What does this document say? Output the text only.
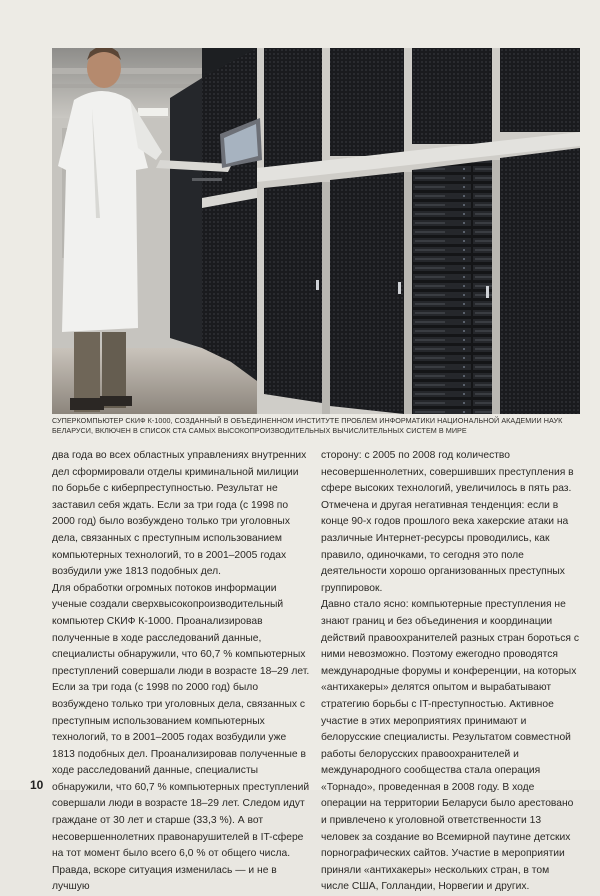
СУПЕРКОМПЬЮТЕР СКИФ К-1000, СОЗДАННЫЙ В ОБЪЕДИНЕННОМ ИНСТИТУТЕ ПРОБЛЕМ ИНФОРМАТИКИ НАЦИОНАЛЬНОЙ АКАДЕМИИ НАУК БЕЛАРУСИ, ВКЛЮЧЕН В СПИСОК СТА САМЫХ ВЫСОКОПРОИЗВОДИТЕЛЬНЫХ ВЫЧИСЛИТЕЛЬНЫХ СИСТЕМ В МИРЕ

два года во всех областных управлениях внутренних дел сформировали отделы криминальной милиции по борьбе с киберпреступностью. Результат не заставил себя ждать. Если за три года (с 1998 по 2000 год) было возбуждено только три уголовных дела, связанных с преступным использованием компьютерных технологий, то в 2001–2005 годах возбудили уже 1813 подобных дел.

Для обработки огромных потоков информации ученые создали сверхвысокопроизводительный компьютер СКИФ К-1000. Проанализировав полученные в ходе расследований данные, специалисты обнаружили, что 60,7 % компьютерных преступлений совершали люди в возрасте 18–29 лет. Если за три года (с 1998 по 2000 год) было возбуждено только три уголовных дела, связанных с преступным использованием компьютерных технологий, то в 2001–2005 годах возбудили уже 1813 подобных дел. Проанализировав полученные в ходе расследований данные, специалисты обнаружили, что 60,7 % компьютерных преступлений совершали люди в возрасте 18–29 лет. Следом идут граждане от 30 лет и старше (33,3 %). А вот несовершеннолетних правонарушителей в IT-сфере на тот момент было всего 6,0 % от общего числа. Правда, вскоре ситуация изменилась — и не в лучшую

сторону: с 2005 по 2008 год количество несовершеннолетних, совершивших преступления в сфере высоких технологий, увеличилось в пять раз. Отмечена и другая негативная тенденция: если в конце 90-х годов прошлого века хакерские атаки на различные Интернет-ресурсы проводились, как правило, одиночками, то сегодня это поле деятельности хорошо организованных преступных группировок.

Давно стало ясно: компьютерные преступления не знают границ и без объединения и координации действий правоохранителей разных стран бороться с ними невозможно. Поэтому ежегодно проводятся международные форумы и конференции, на которых «антихакеры» делятся опытом и вырабатывают стратегию борьбы с IT-преступностью. Активное участие в этих мероприятиях принимают и белорусские специалисты. Результатом совместной работы белорусских правоохранителей и международного сообщества стала операция «Торнадо», проведенная в 2008 году. В ходе операции на территории Беларуси было арестовано и привлечено к уголовной ответственности 13 человек за создание во Всемирной паутине детских порнографических сайтов. Участие в мероприятии приняли «антихакеры» нескольких стран, в том числе США, Голландии, Норвегии и других.

10
